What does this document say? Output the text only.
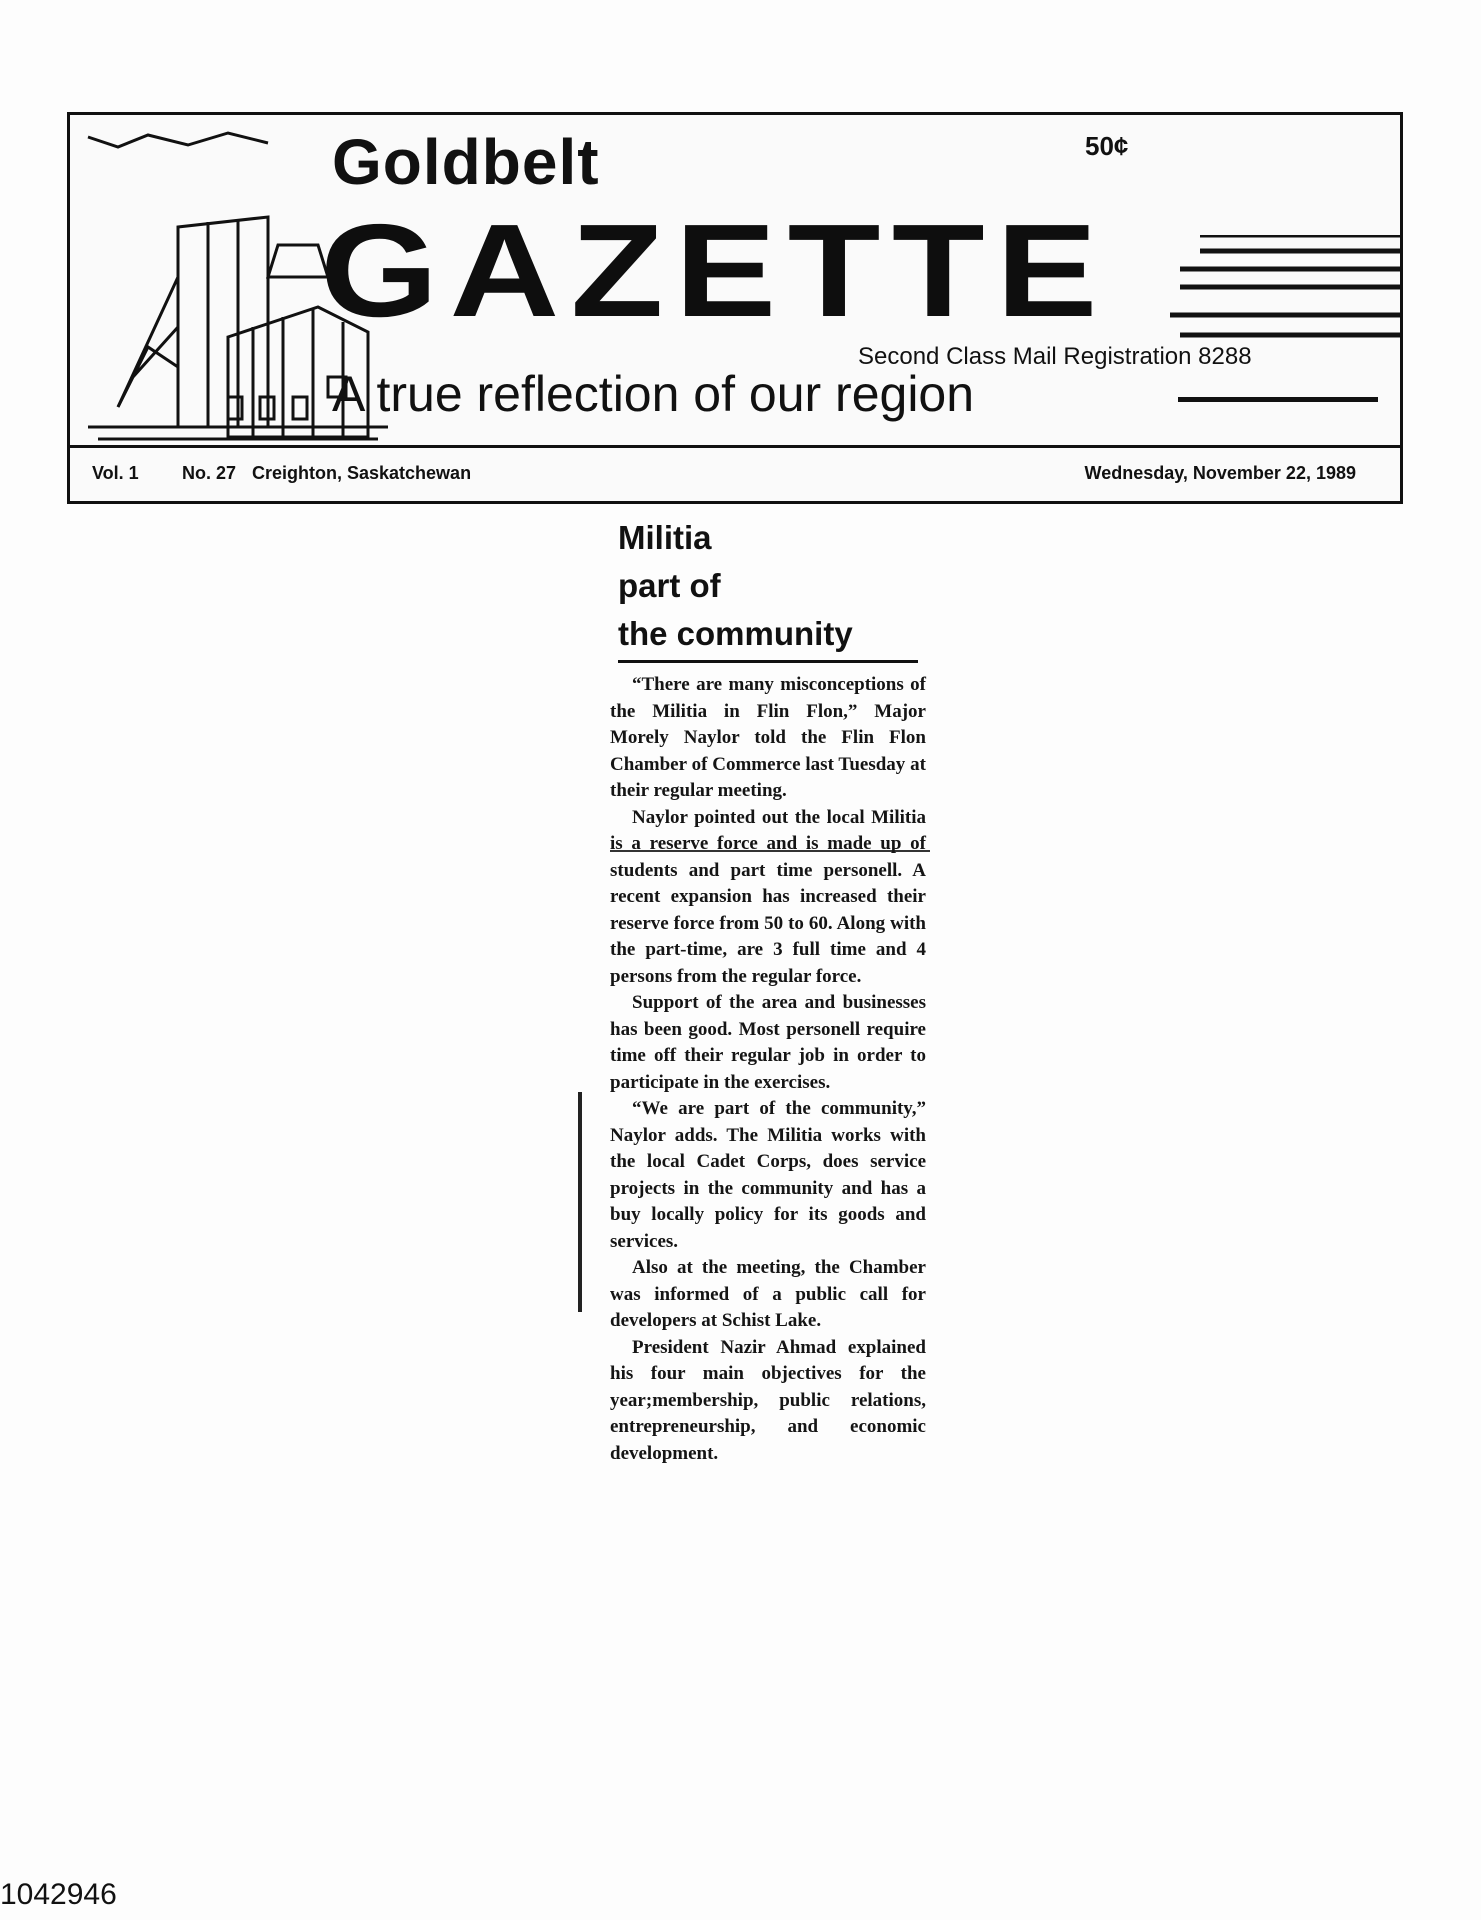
Goldbelt	50¢
GAZETTE
Second Class Mail Registration 8288
A true reflection of our region
Vol. 1 No. 27 Creighton, Saskatchewan	Wednesday, November 22, 1989
Militia
part of
the community

“There are many misconceptions of the Militia in Flin Flon,” Major Morely Naylor told the Flin Flon Chamber of Commerce last Tuesday at their regular meeting.

Naylor pointed out the local Militia is a reserve force and is made up of students and part time personell. A recent expansion has increased their reserve force from 50 to 60. Along with the part-time, are 3 full time and 4 persons from the regular force.

Support of the area and businesses has been good. Most personell require time off their regular job in order to participate in the exercises.

“We are part of the community,” Naylor adds. The Militia works with the local Cadet Corps, does service projects in the community and has a buy locally policy for its goods and services.

Also at the meeting, the Chamber was informed of a public call for developers at Schist Lake.

President Nazir Ahmad explained his four main objectives for the year;membership, public relations, entrepreneurship, and economic development.

1042946
